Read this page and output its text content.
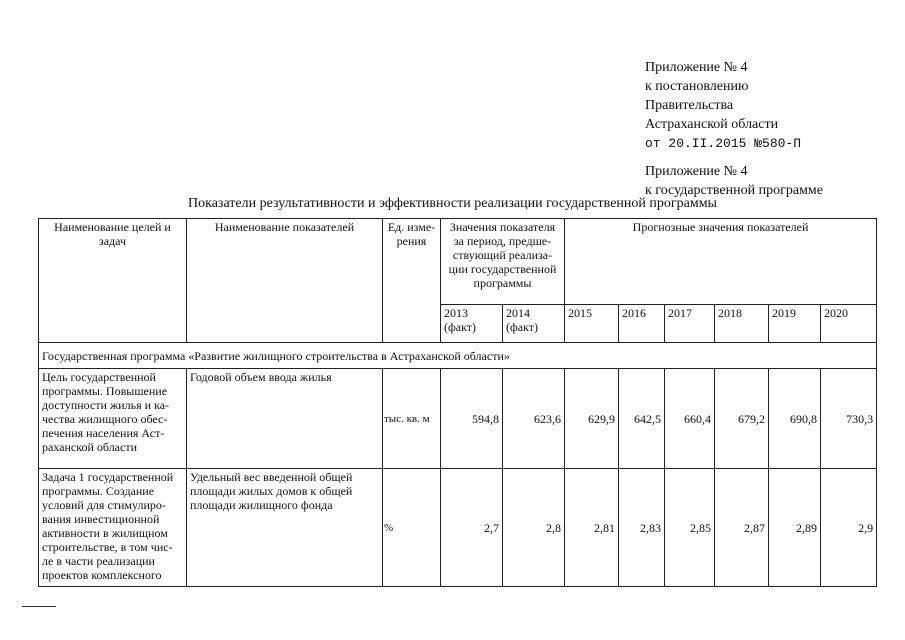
Приложение № 4
к постановлению
Правительства
Астраханской области
от 20.II.2015 №580-П
Приложение № 4
к государственной программе
Показатели результативности и эффективности реализации государственной программы
Наименование целей и задач	Наименование показателей	Ед. изме-рения	Значения показателя за период, предше-ствующий реализа-ции государственной программы		Прогнозные значения показателей					
			2013 (факт)	2014 (факт)	2015	2016	2017	2018	2019	2020
Государственная программа «Развитие жилищного строительства в Астраханской области»										
Цель государственной программы. Повышение доступности жилья и ка-чества жилищного обес-печения населения Аст-раханской области	Годовой объем ввода жилья	тыс. кв. м	594,8	623,6	629,9	642,5	660,4	679,2	690,8	730,3
Задача 1 государственной программы. Создание условий для стимулиро-вания инвестиционной активности в жилищном строительстве, в том чис-ле в части реализации проектов комплексного	Удельный вес введенной общей площади жилых домов к общей площади жилищного фонда	%	2,7	2,8	2,81	2,83	2,85	2,87	2,89	2,9
